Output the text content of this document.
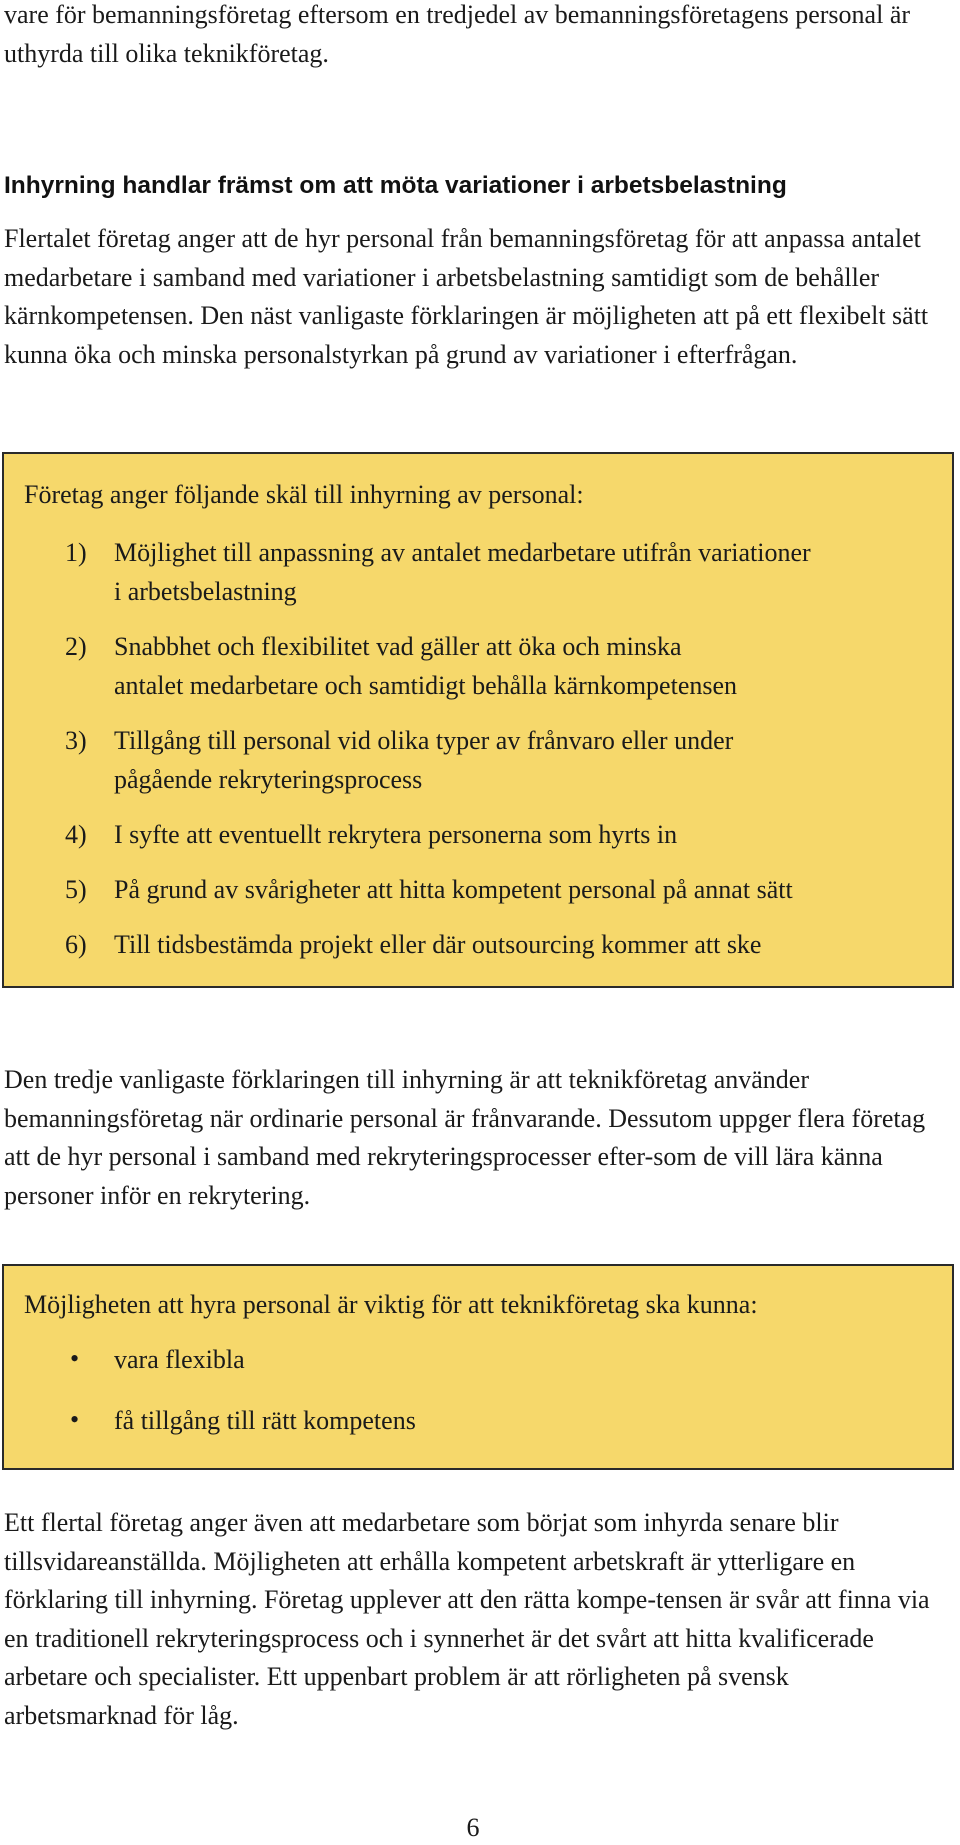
vare för bemanningsföretag eftersom en tredjedel av bemanningsföretagens personal är uthyrda till olika teknikföretag.

Inhyrning handlar främst om att möta variationer i arbetsbelastning

Flertalet företag anger att de hyr personal från bemanningsföretag för att anpassa antalet medarbetare i samband med variationer i arbetsbelastning samtidigt som de behåller kärnkompetensen. Den näst vanligaste förklaringen är möjligheten att på ett flexibelt sätt kunna öka och minska personalstyrkan på grund av variationer i efterfrågan.

Företag anger följande skäl till inhyrning av personal:

1) Möjlighet till anpassning av antalet medarbetare utifrån variationer
i arbetsbelastning
2) Snabbhet och flexibilitet vad gäller att öka och minska
antalet medarbetare och samtidigt behålla kärnkompetensen
3) Tillgång till personal vid olika typer av frånvaro eller under
pågående rekryteringsprocess
4) I syfte att eventuellt rekrytera personerna som hyrts in
5) På grund av svårigheter att hitta kompetent personal på annat sätt
6) Till tidsbestämda projekt eller där outsourcing kommer att ske

Den tredje vanligaste förklaringen till inhyrning är att teknikföretag använder bemanningsföretag när ordinarie personal är frånvarande. Dessutom uppger flera företag att de hyr personal i samband med rekryteringsprocesser efter-som de vill lära känna personer inför en rekrytering.

Möjligheten att hyra personal är viktig för att teknikföretag ska kunna:

• vara flexibla
• få tillgång till rätt kompetens

Ett flertal företag anger även att medarbetare som börjat som inhyrda senare blir tillsvidareanställda. Möjligheten att erhålla kompetent arbetskraft är ytterligare en förklaring till inhyrning. Företag upplever att den rätta kompe-tensen är svår att finna via en traditionell rekryteringsprocess och i synnerhet är det svårt att hitta kvalificerade arbetare och specialister. Ett uppenbart problem är att rörligheten på svensk arbetsmarknad för låg.

6
